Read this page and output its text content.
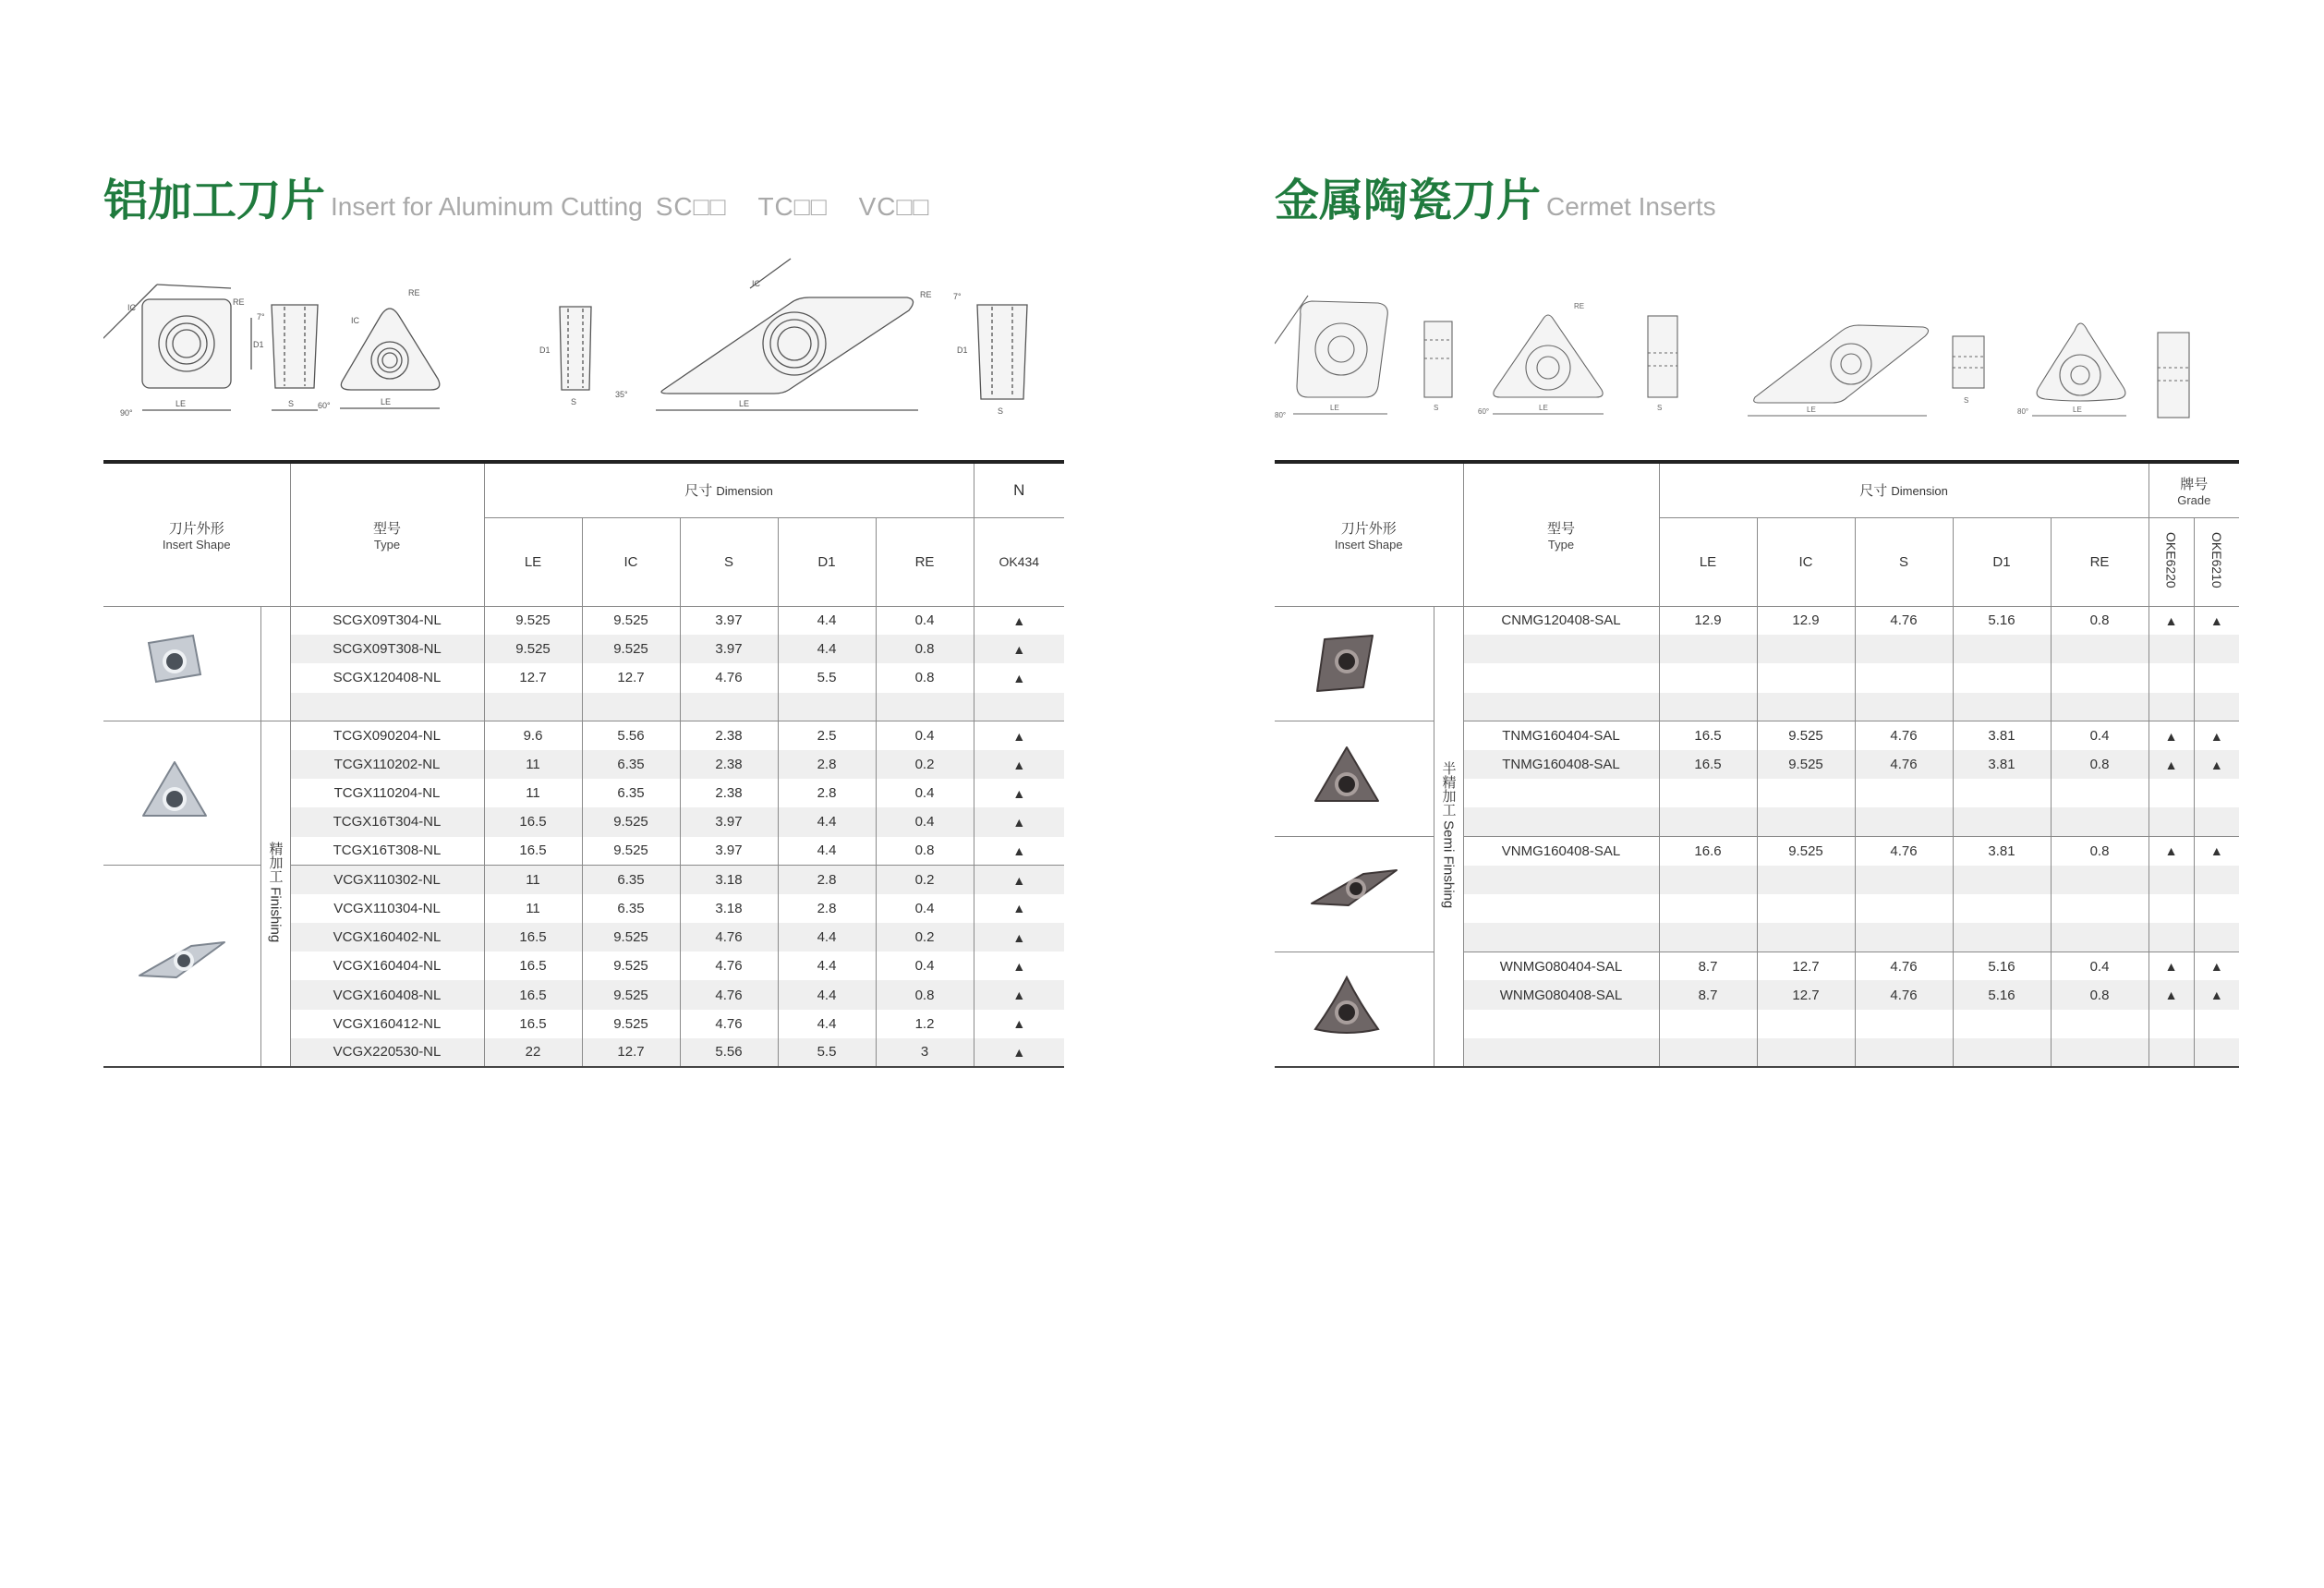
铝加工刀片 Insert for Aluminum Cutting SC□□ TC□□ VC□□
LE
IC
RE
90°
D1
S
7°
LE
RE
60°
IC
S
D1
LE
IC
RE
35°
S
D1
7°
刀片外形
Insert Shape		型号
Type	尺寸 Dimension					N
			LE	IC	S	D1	RE	OK434
		SCGX09T304-NL	9.525	9.525	3.97	4.4	0.4	▲
		SCGX09T308-NL	9.525	9.525	3.97	4.4	0.8	▲
		SCGX120408-NL	12.7	12.7	4.76	5.5	0.8	▲

	精加工 Finishing	TCGX090204-NL	9.6	5.56	2.38	2.5	0.4	▲
		TCGX110202-NL	11	6.35	2.38	2.8	0.2	▲
		TCGX110204-NL	11	6.35	2.38	2.8	0.4	▲
		TCGX16T304-NL	16.5	9.525	3.97	4.4	0.4	▲
		TCGX16T308-NL	16.5	9.525	3.97	4.4	0.8	▲
	VCGX110302-NL	11	6.35	3.18	2.8	0.2	▲
		VCGX110304-NL	11	6.35	3.18	2.8	0.4	▲
		VCGX160402-NL	16.5	9.525	4.76	4.4	0.2	▲
		VCGX160404-NL	16.5	9.525	4.76	4.4	0.4	▲
		VCGX160408-NL	16.5	9.525	4.76	4.4	0.8	▲
		VCGX160412-NL	16.5	9.525	4.76	4.4	1.2	▲
		VCGX220530-NL	22	12.7	5.56	5.5	3	▲
金属陶瓷刀片 Cermet Inserts
LE
80°
S	LE
60°
RE
S	LE
S
LE
80°
刀片外形
Insert Shape		型号
Type	尺寸 Dimension					牌号
Grade	

			LE	IC	S	D1	RE	OKE6220	OKE6210
	半精加工 Semi Finshing	CNMG120408-SAL	12.9	12.9	4.76	5.16	0.8	▲	▲

	TNMG160404-SAL	16.5	9.525	4.76	3.81	0.4	▲	▲
		TNMG160408-SAL	16.5	9.525	4.76	3.81	0.8	▲	▲

	VNMG160408-SAL	16.6	9.525	4.76	3.81	0.8	▲	▲

	WNMG080404-SAL	8.7	12.7	4.76	5.16	0.4	▲	▲
		WNMG080408-SAL	8.7	12.7	4.76	5.16	0.8	▲	▲
